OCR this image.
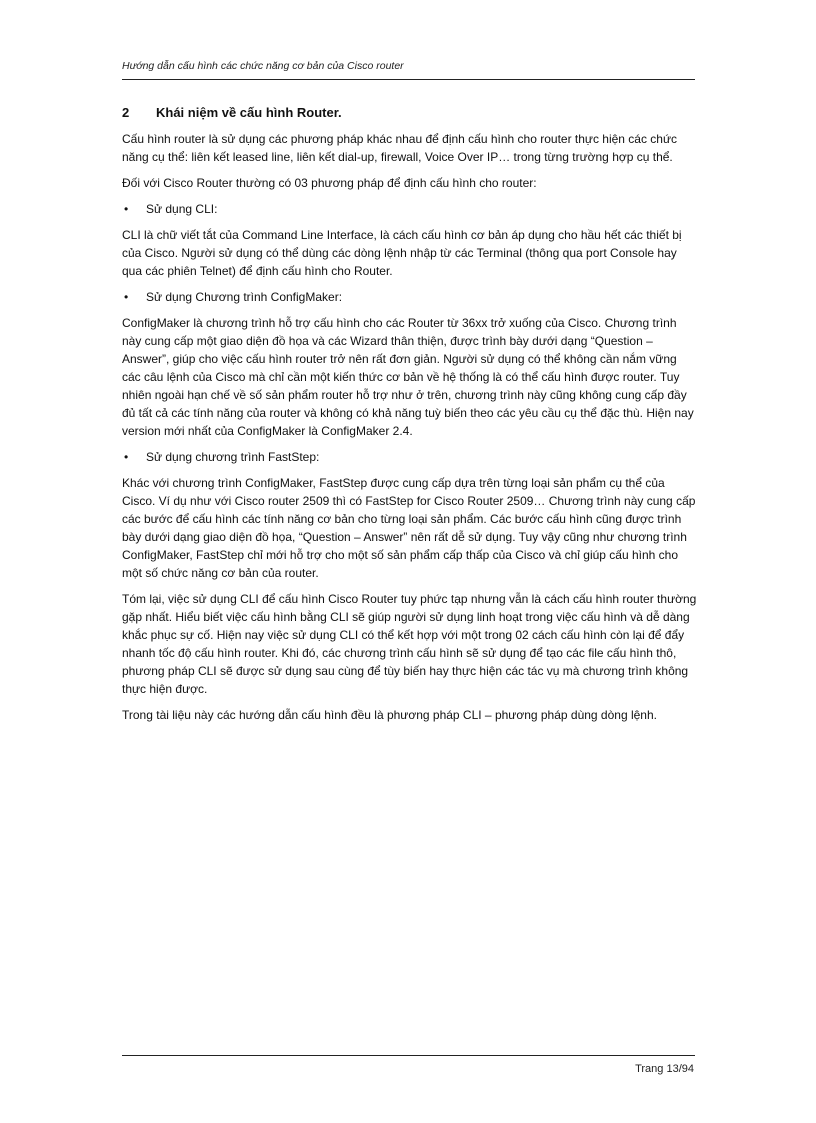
Hướng dẫn cấu hình các chức năng cơ bản của Cisco router
2	Khái niệm về cấu hình Router.

Cấu hình router là sử dụng các phương pháp khác nhau để định cấu hình cho router thực hiện các chức năng cụ thể: liên kết leased line, liên kết dial-up, firewall, Voice Over IP… trong từng trường hợp cụ thể.

Đối với Cisco Router thường có 03 phương pháp để định cấu hình cho router:

•	Sử dụng CLI:

CLI là chữ viết tắt của Command Line Interface, là cách cấu hình cơ bản áp dụng cho hầu hết các thiết bị của Cisco. Người sử dụng có thể dùng các dòng lệnh nhập từ các Terminal (thông qua port Console hay qua các phiên Telnet) để định cấu hình cho Router.

•	Sử dụng Chương trình ConfigMaker:

ConfigMaker là chương trình hỗ trợ cấu hình cho các Router từ 36xx trở xuống của Cisco. Chương trình này cung cấp một giao diện đồ họa và các Wizard thân thiện, được trình bày dưới dạng “Question – Answer”, giúp cho việc cấu hình router trở nên rất đơn giản. Người sử dụng có thể không cần nắm vững các câu lệnh của Cisco mà chỉ cần một kiến thức cơ bản về hệ thống là có thể cấu hình được router. Tuy nhiên ngoài hạn chế về số sản phẩm router hỗ trợ như ở trên, chương trình này cũng không cung cấp đầy đủ tất cả các tính năng của router và không có khả năng tuỳ biến theo các yêu cầu cụ thể đặc thù. Hiện nay version mới nhất của ConfigMaker là ConfigMaker 2.4.

•	Sử dụng chương trình FastStep:

Khác với chương trình ConfigMaker, FastStep được cung cấp dựa trên từng loại sản phẩm cụ thể của Cisco. Ví dụ như với Cisco router 2509 thì có FastStep for Cisco Router 2509… Chương trình này cung cấp các bước để cấu hình các tính năng cơ bản cho từng loại sản phẩm. Các bước cấu hình cũng được trình bày dưới dạng giao diện đồ họa, “Question – Answer” nên rất dễ sử dụng. Tuy vậy cũng như chương trình ConfigMaker, FastStep chỉ mới hỗ trợ cho một số sản phẩm cấp thấp của Cisco và chỉ giúp cấu hình cho một số chức năng cơ bản của router.

Tóm lại, việc sử dụng CLI để cấu hình Cisco Router tuy phức tạp nhưng vẫn là cách cấu hình router thường gặp nhất. Hiểu biết việc cấu hình bằng CLI sẽ giúp người sử dụng linh hoạt trong việc cấu hình và dễ dàng khắc phục sự cố. Hiện nay việc sử dụng CLI có thể kết hợp với một trong 02 cách cấu hình còn lại để đẩy nhanh tốc độ cấu hình router. Khi đó, các chương trình cấu hình sẽ sử dụng để tạo các file cấu hình thô, phương pháp CLI sẽ được sử dụng sau cùng để tùy biến hay thực hiện các tác vụ mà chương trình không thực hiện được.

Trong tài liệu này các hướng dẫn cấu hình đều là phương pháp CLI – phương pháp dùng dòng lệnh.

Trang 13/94
